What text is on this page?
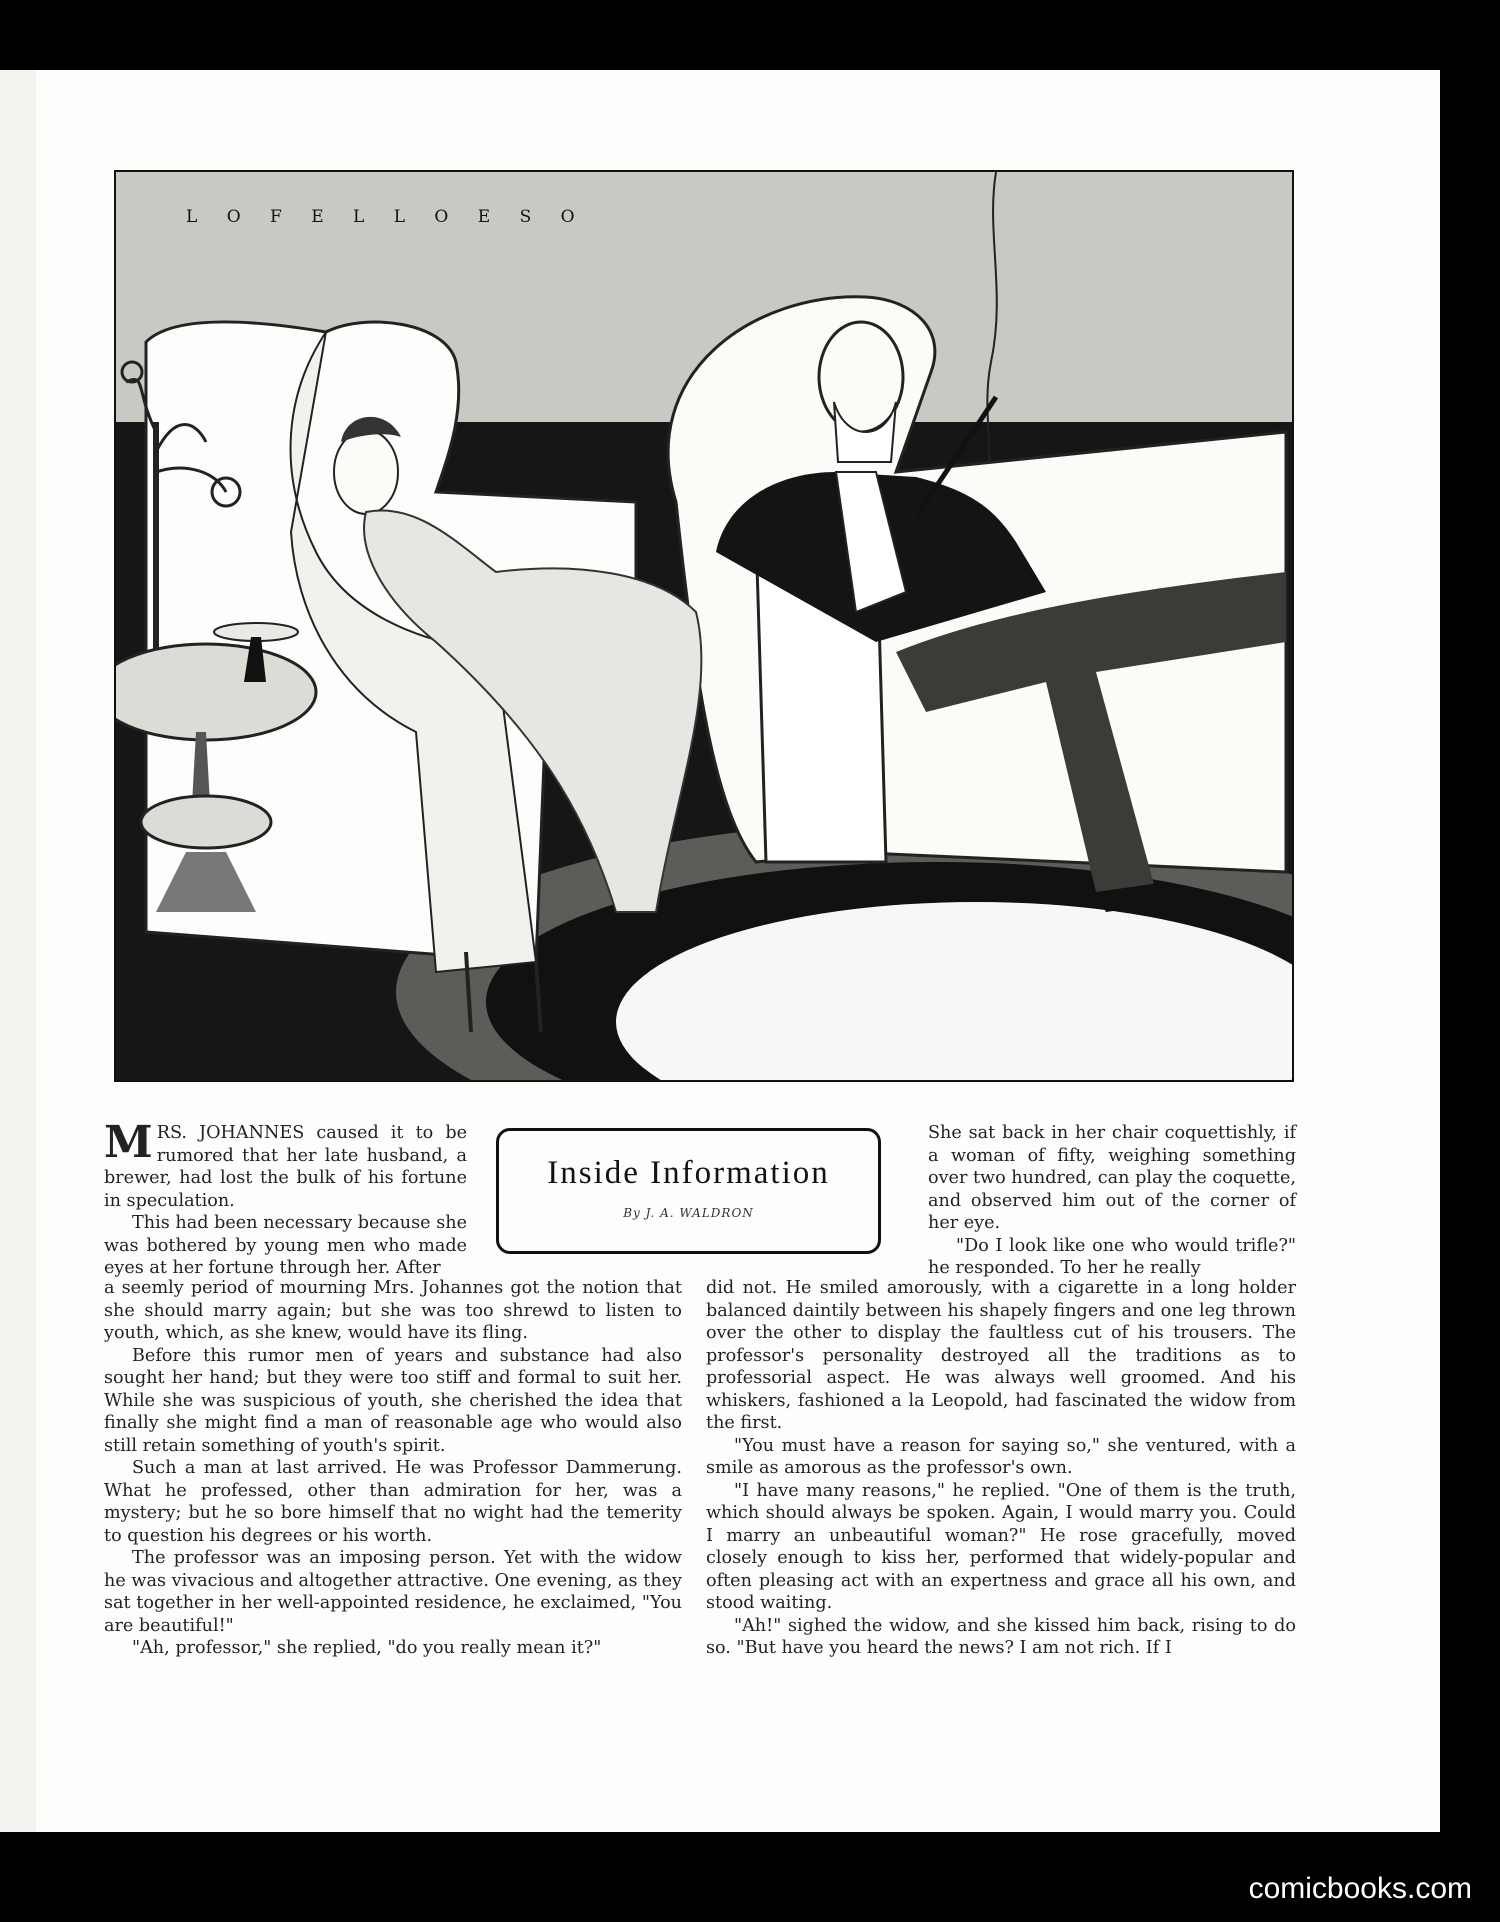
L O F E L L O E S O

MRS. JOHANNES caused it to be rumored that her late husband, a brewer, had lost the bulk of his fortune in speculation.

This had been necessary because she was bothered by young men who made eyes at her fortune through her. After

Inside Information
By J. A. WALDRON

She sat back in her chair coquettishly, if a woman of fifty, weighing something over two hundred, can play the coquette, and observed him out of the corner of her eye.

"Do I look like one who would trifle?" he responded. To her he really

a seemly period of mourning Mrs. Johannes got the notion that she should marry again; but she was too shrewd to listen to youth, which, as she knew, would have its fling.

Before this rumor men of years and substance had also sought her hand; but they were too stiff and formal to suit her. While she was suspicious of youth, she cherished the idea that finally she might find a man of reasonable age who would also still retain something of youth's spirit.

Such a man at last arrived. He was Professor Dammerung. What he professed, other than admiration for her, was a mystery; but he so bore himself that no wight had the temerity to question his degrees or his worth.

The professor was an imposing person. Yet with the widow he was vivacious and altogether attractive. One evening, as they sat together in her well-appointed residence, he exclaimed, "You are beautiful!"

"Ah, professor," she replied, "do you really mean it?"

did not. He smiled amorously, with a cigarette in a long holder balanced daintily between his shapely fingers and one leg thrown over the other to display the faultless cut of his trousers. The professor's personality destroyed all the traditions as to professorial aspect. He was always well groomed. And his whiskers, fashioned a la Leopold, had fascinated the widow from the first.

"You must have a reason for saying so," she ventured, with a smile as amorous as the professor's own.

"I have many reasons," he replied. "One of them is the truth, which should always be spoken. Again, I would marry you. Could I marry an unbeautiful woman?" He rose gracefully, moved closely enough to kiss her, performed that widely-popular and often pleasing act with an expertness and grace all his own, and stood waiting.

"Ah!" sighed the widow, and she kissed him back, rising to do so. "But have you heard the news? I am not rich. If I

comicbooks.com
